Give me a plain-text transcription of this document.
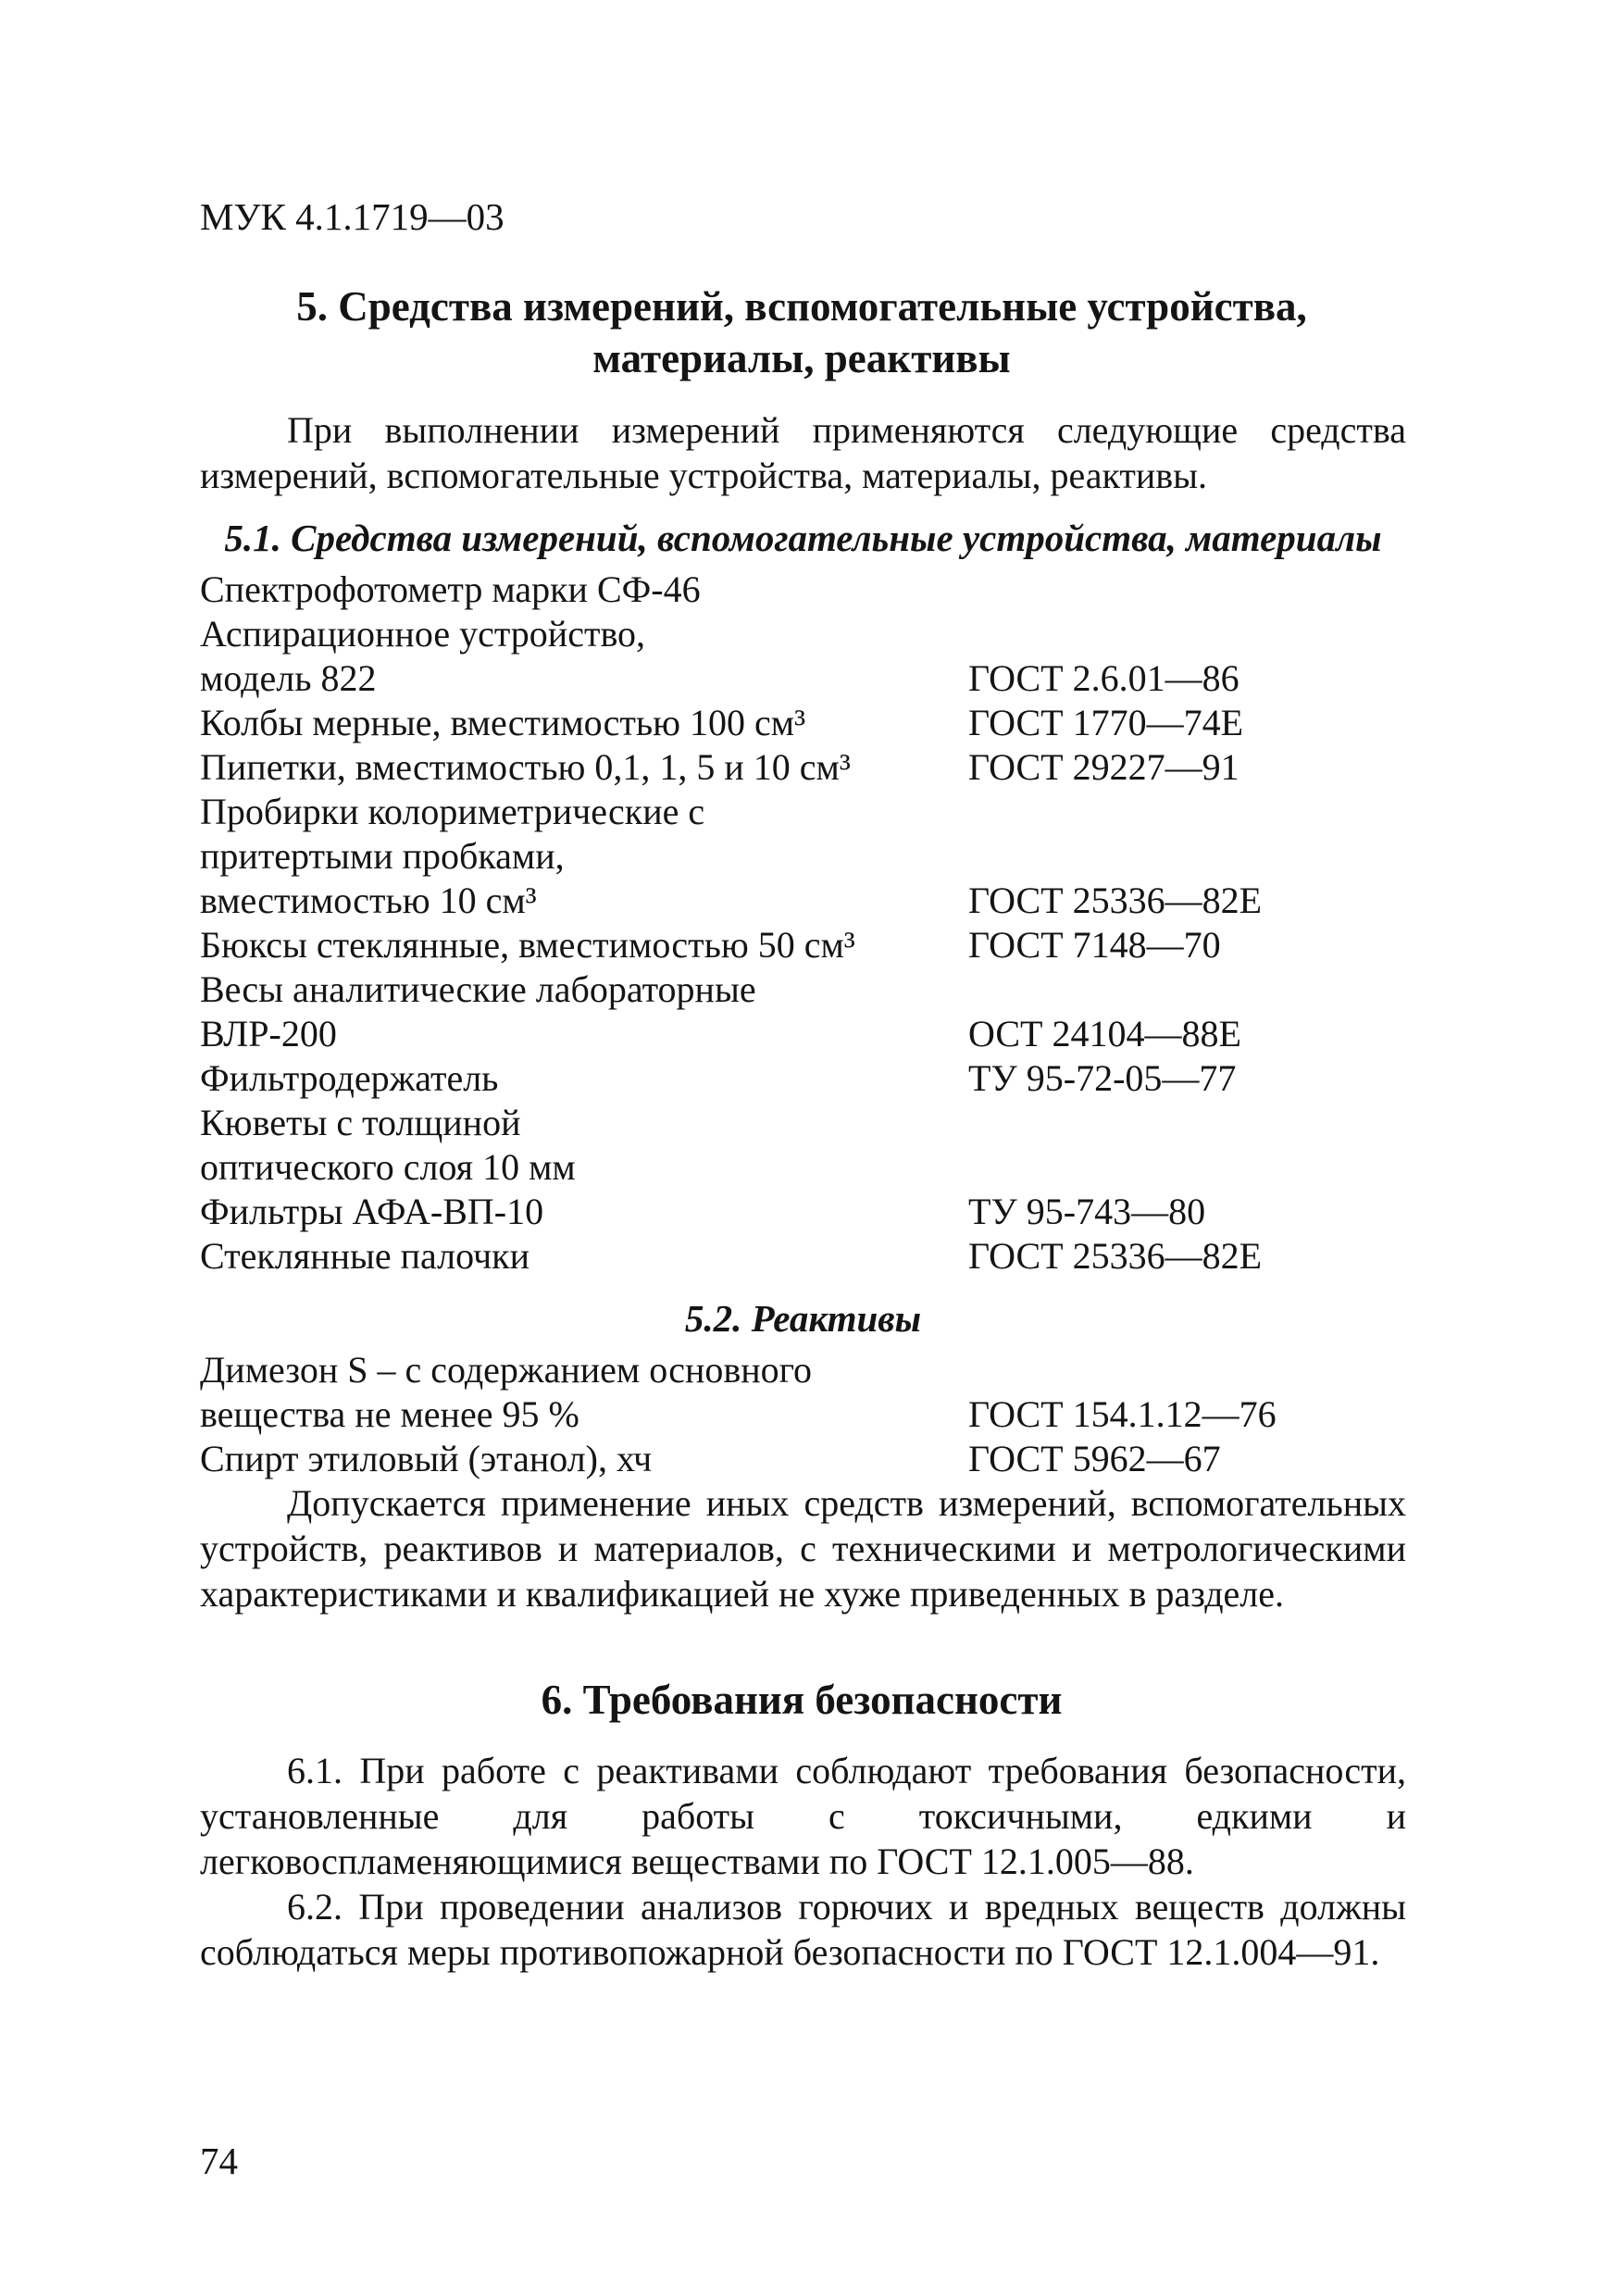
МУК 4.1.1719—03
5. Средства измерений, вспомогательные устройства,
материалы, реактивы

При выполнении измерений применяются следующие средства измерений, вспомогательные устройства, материалы, реактивы.

5.1. Средства измерений, вспомогательные устройства, материалы
Спектрофотометр марки СФ-46
Аспирационное устройство,
модель 822	ГОСТ 2.6.01—86
Колбы мерные, вместимостью 100 см³	ГОСТ 1770—74Е
Пипетки, вместимостью 0,1, 1, 5 и 10 см³	ГОСТ 29227—91
Пробирки колориметрические с
притертыми пробками,
вместимостью 10 см³	ГОСТ 25336—82Е
Бюксы стеклянные, вместимостью 50 см³	ГОСТ 7148—70
Весы аналитические лабораторные
ВЛР-200	ОСТ 24104—88Е
Фильтродержатель	ТУ 95-72-05—77
Кюветы с толщиной
оптического слоя 10 мм
Фильтры АФА-ВП-10	ТУ 95-743—80
Стеклянные палочки	ГОСТ 25336—82Е
5.2. Реактивы
Димезон S – с содержанием основного
вещества не менее 95 %	ГОСТ 154.1.12—76
Спирт этиловый (этанол), хч	ГОСТ 5962—67

Допускается применение иных средств измерений, вспомогательных устройств, реактивов и материалов, с техническими и метрологическими характеристиками и квалификацией не хуже приведенных в разделе.

6. Требования безопасности

6.1. При работе с реактивами соблюдают требования безопасности, установленные для работы с токсичными, едкими и легковоспламеняющимися веществами по ГОСТ 12.1.005—88.

6.2. При проведении анализов горючих и вредных веществ должны соблюдаться меры противопожарной безопасности по ГОСТ 12.1.004—91.

74
